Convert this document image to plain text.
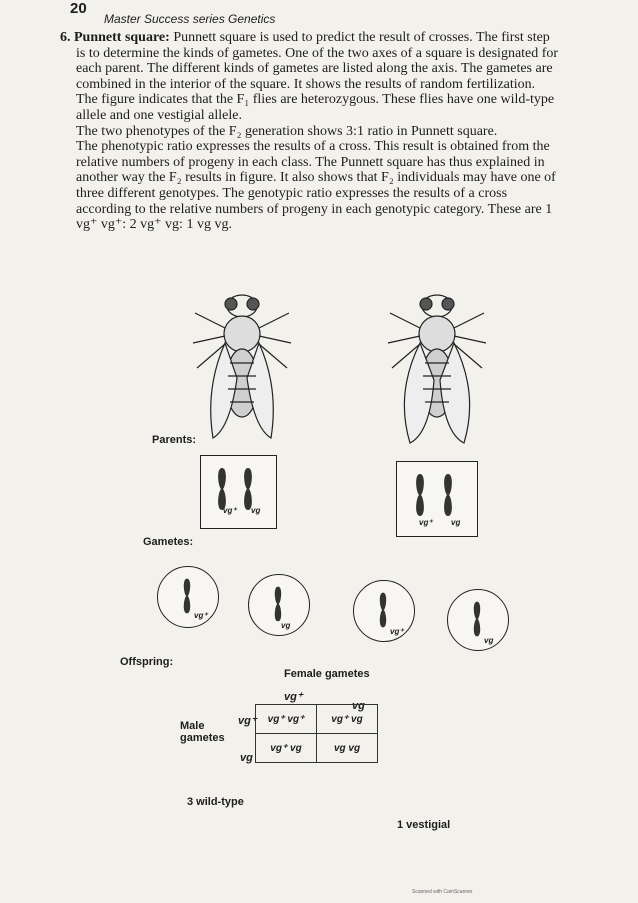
20
Master Success series Genetics

6. Punnett square: Punnett square is used to predict the result of crosses. The first step

is to determine the kinds of gametes. One of the two axes of a square is designated for

each parent. The different kinds of gametes are listed along the axis. The gametes are

combined in the interior of the square. It shows the results of random fertilization.

The figure indicates that the F₁ flies are heterozygous. These flies have one wild-type

allele and one vestigial allele.

The two phenotypes of the F₂ generation shows 3:1 ratio in Punnett square.

The phenotypic ratio expresses the results of a cross. This result is obtained from the

relative numbers of progeny in each class. The Punnett square has thus explained in

another way the F₂ results in figure. It also shows that F₂ individuals may have one of

three different genotypes. The genotypic ratio expresses the results of a cross

according to the relative numbers of progeny in each genotypic category. These are 1

vg⁺ vg⁺: 2 vg⁺ vg: 1 vg vg.

Parents:
vg⁺ vg
vg⁺ vg
Gametes:
vg⁺
vg
vg⁺
vg
Offspring:
Female gametes
vg⁺
vg
Male
gametes
vg⁺
vg
vg⁺ vg⁺	vg⁺ vg
vg⁺ vg	vg vg
3 wild-type
1 vestigial
Scanned with CamScanner
